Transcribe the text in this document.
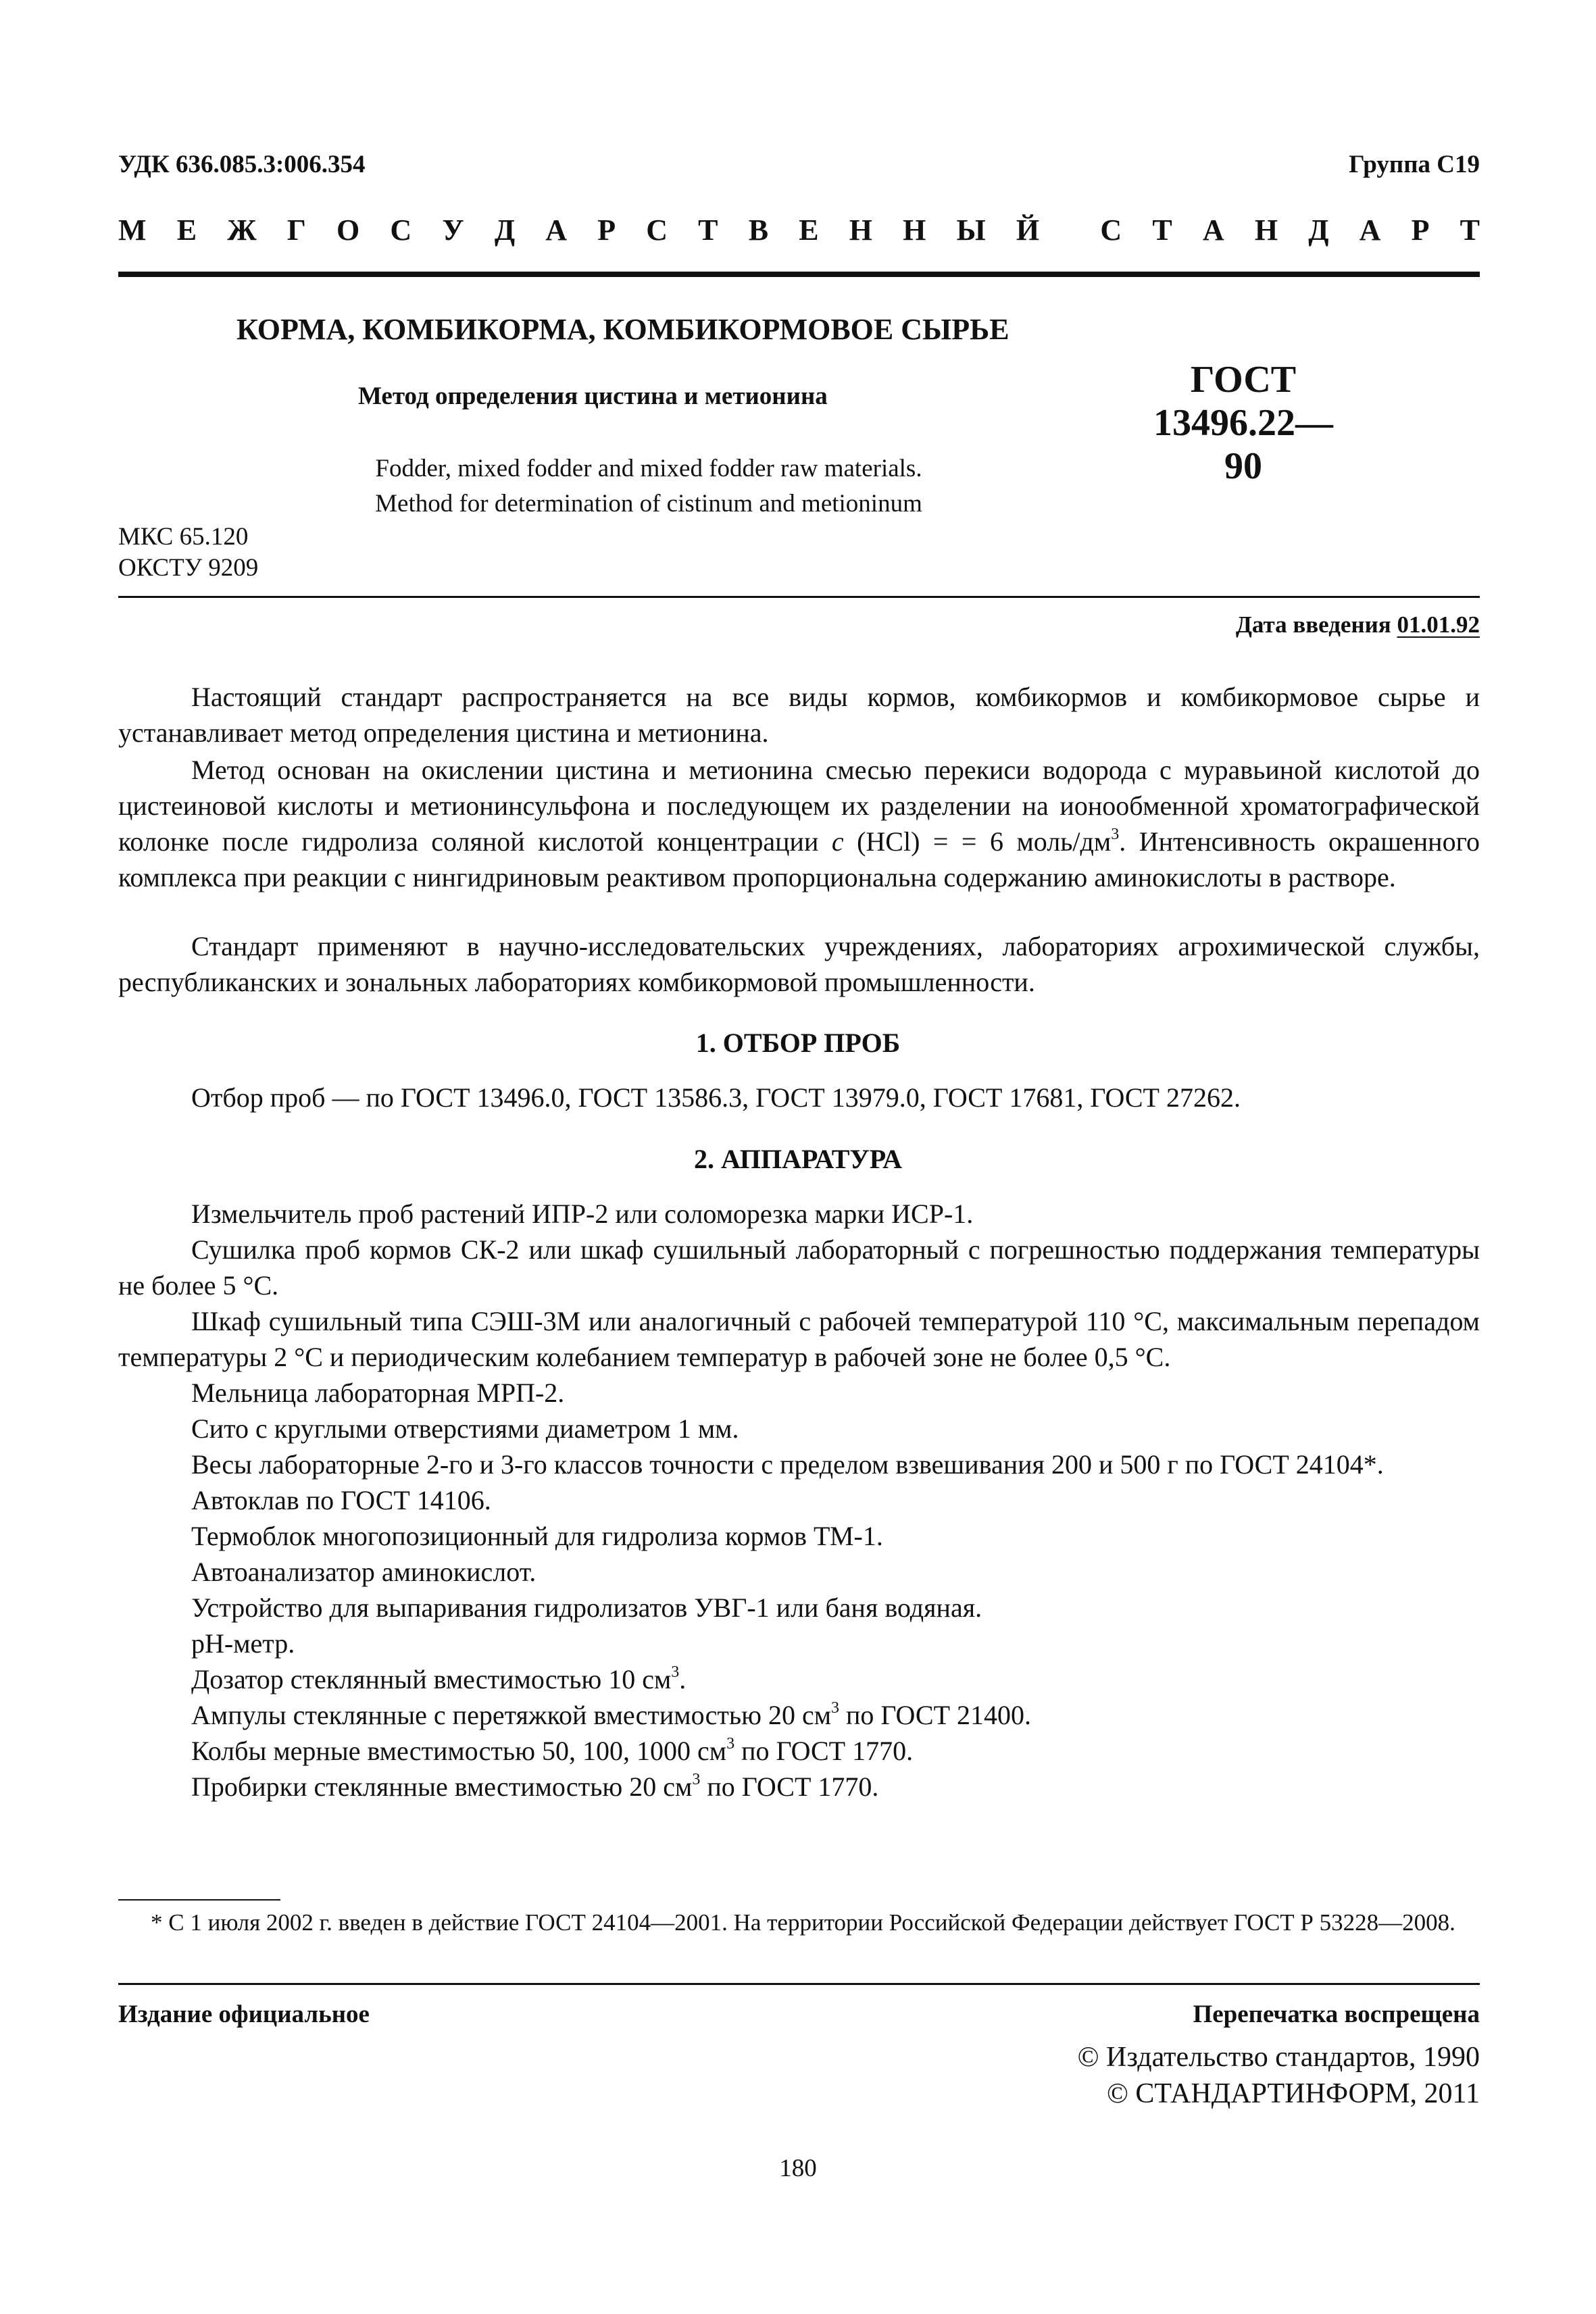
УДК 636.085.3:006.354	Группа С19
М Е Ж Г О С У Д А Р С Т В Е Н Н Ы Й С Т А Н Д А Р Т
КОРМА, КОМБИКОРМА, КОМБИКОРМОВОЕ СЫРЬЕ
Метод определения цистина и метионина	ГОСТ
13496.22—90
Fodder, mixed fodder and mixed fodder raw materials.
Method for determination of cistinum and metioninum
МКС 65.120
ОКСТУ 9209
Дата введения 01.01.92
Настоящий стандарт распространяется на все виды кормов, комбикормов и комбикормовое сырье и устанавливает метод определения цистина и метионина.
Метод основан на окислении цистина и метионина смесью перекиси водорода с муравьиной кислотой до цистеиновой кислоты и метионинсульфона и последующем их разделении на ионообменной хроматографической колонке после гидролиза соляной кислотой концентрации c (HCl) = = 6 моль/$дм^3$. Интенсивность окрашенного комплекса при реакции с нингидриновым реактивом пропорциональна содержанию аминокислоты в растворе.
Стандарт применяют в научно-исследовательских учреждениях, лабораториях агрохимической службы, республиканских и зональных лабораториях комбикормовой промышленности.
1. ОТБОР ПРОБ
Отбор проб — по ГОСТ 13496.0, ГОСТ 13586.3, ГОСТ 13979.0, ГОСТ 17681, ГОСТ 27262.
2. АППАРАТУРА
Измельчитель проб растений ИПР-2 или соломорезка марки ИСР-1.
Сушилка проб кормов СК-2 или шкаф сушильный лабораторный с погрешностью поддержания температуры не более 5 °С.
Шкаф сушильный типа СЭШ-3М или аналогичный с рабочей температурой 110 °С, максимальным перепадом температуры 2 °С и периодическим колебанием температур в рабочей зоне не более 0,5 °С.
Мельница лабораторная МРП-2.
Сито с круглыми отверстиями диаметром 1 мм.
Весы лабораторные 2-го и 3-го классов точности с пределом взвешивания 200 и 500 г по ГОСТ 24104*.
Автоклав по ГОСТ 14106.
Термоблок многопозиционный для гидролиза кормов ТМ-1.
Автоанализатор аминокислот.
Устройство для выпаривания гидролизатов УВГ-1 или баня водяная.
pH-метр.
Дозатор стеклянный вместимостью 10 $см^3$.
Ампулы стеклянные с перетяжкой вместимостью 20 $см^3$ по ГОСТ 21400.
Колбы мерные вместимостью 50, 100, 1000 $см^3$ по ГОСТ 1770.
Пробирки стеклянные вместимостью 20 $см^3$ по ГОСТ 1770.
* С 1 июля 2002 г. введен в действие ГОСТ 24104—2001. На территории Российской Федерации действует ГОСТ Р 53228—2008.
Издание официальное	Перепечатка воспрещена
© Издательство стандартов, 1990
© СТАНДАРТИНФОРМ, 2011
180
